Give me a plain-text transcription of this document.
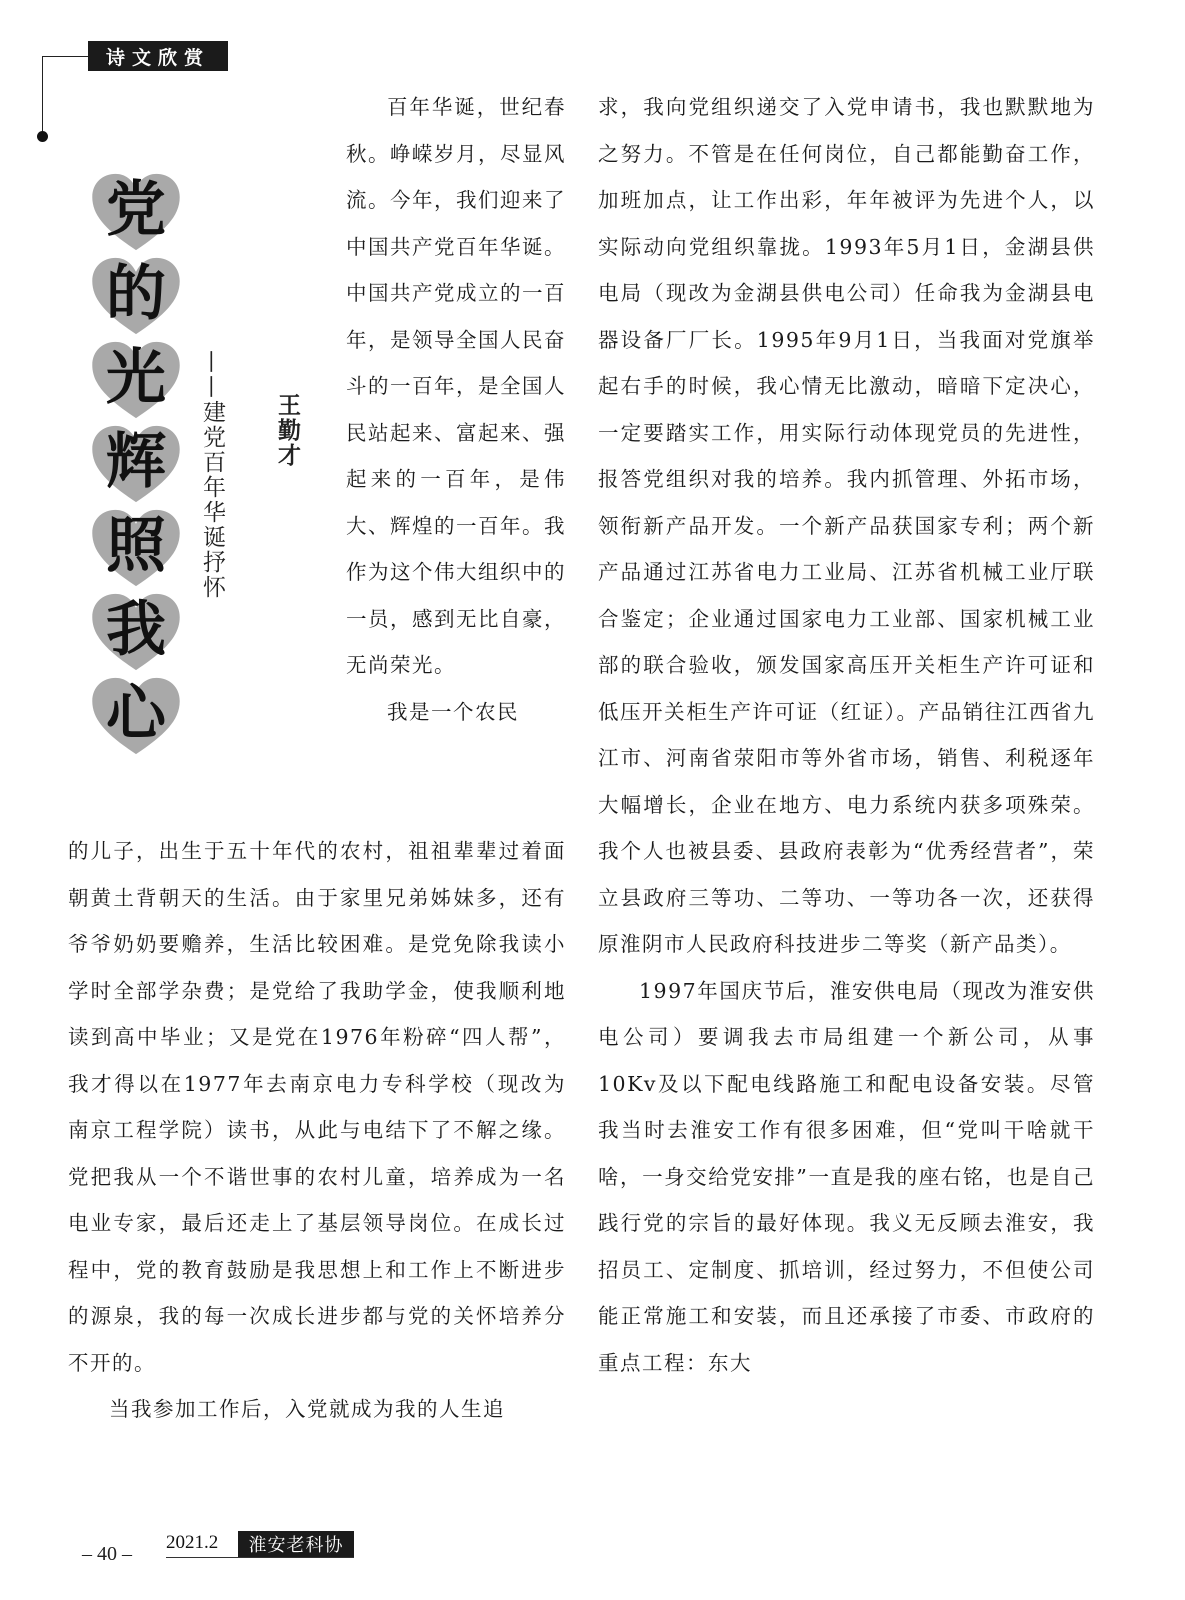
诗文欣赏
党
的
光
辉
照
我
心
——建党百年华诞抒怀 王勤才

百年华诞，世纪春秋。峥嵘岁月，尽显风流。今年，我们迎来了中国共产党百年华诞。中国共产党成立的一百年，是领导全国人民奋斗的一百年，是全国人民站起来、富起来、强起来的一百年，是伟大、辉煌的一百年。我作为这个伟大组织中的一员，感到无比自豪，无尚荣光。

我是一个农民

的儿子，出生于五十年代的农村，祖祖辈辈过着面朝黄土背朝天的生活。由于家里兄弟姊妹多，还有爷爷奶奶要赡养，生活比较困难。是党免除我读小学时全部学杂费；是党给了我助学金，使我顺利地读到高中毕业；又是党在1976年粉碎“四人帮”，我才得以在1977年去南京电力专科学校（现改为南京工程学院）读书，从此与电结下了不解之缘。党把我从一个不谐世事的农村儿童，培养成为一名电业专家，最后还走上了基层领导岗位。在成长过程中，党的教育鼓励是我思想上和工作上不断进步的源泉，我的每一次成长进步都与党的关怀培养分不开的。

当我参加工作后，入党就成为我的人生追

求，我向党组织递交了入党申请书，我也默默地为之努力。不管是在任何岗位，自己都能勤奋工作，加班加点，让工作出彩，年年被评为先进个人，以实际动向党组织靠拢。1993年5月1日，金湖县供电局（现改为金湖县供电公司）任命我为金湖县电器设备厂厂长。1995年9月1日，当我面对党旗举起右手的时候，我心情无比激动，暗暗下定决心，一定要踏实工作，用实际行动体现党员的先进性，报答党组织对我的培养。我内抓管理、外拓市场，领衔新产品开发。一个新产品获国家专利；两个新产品通过江苏省电力工业局、江苏省机械工业厅联合鉴定；企业通过国家电力工业部、国家机械工业部的联合验收，颁发国家高压开关柜生产许可证和低压开关柜生产许可证（红证）。产品销往江西省九江市、河南省荥阳市等外省市场，销售、利税逐年大幅增长，企业在地方、电力系统内获多项殊荣。我个人也被县委、县政府表彰为“优秀经营者”，荣立县政府三等功、二等功、一等功各一次，还获得原淮阴市人民政府科技进步二等奖（新产品类）。

1997年国庆节后，淮安供电局（现改为淮安供电公司）要调我去市局组建一个新公司，从事10Kv及以下配电线路施工和配电设备安装。尽管我当时去淮安工作有很多困难，但“党叫干啥就干啥，一身交给党安排”一直是我的座右铭，也是自己践行党的宗旨的最好体现。我义无反顾去淮安，我招员工、定制度、抓培训，经过努力，不但使公司能正常施工和安装，而且还承接了市委、市政府的重点工程：东大

– 40 –
2021.2	淮安老科协
